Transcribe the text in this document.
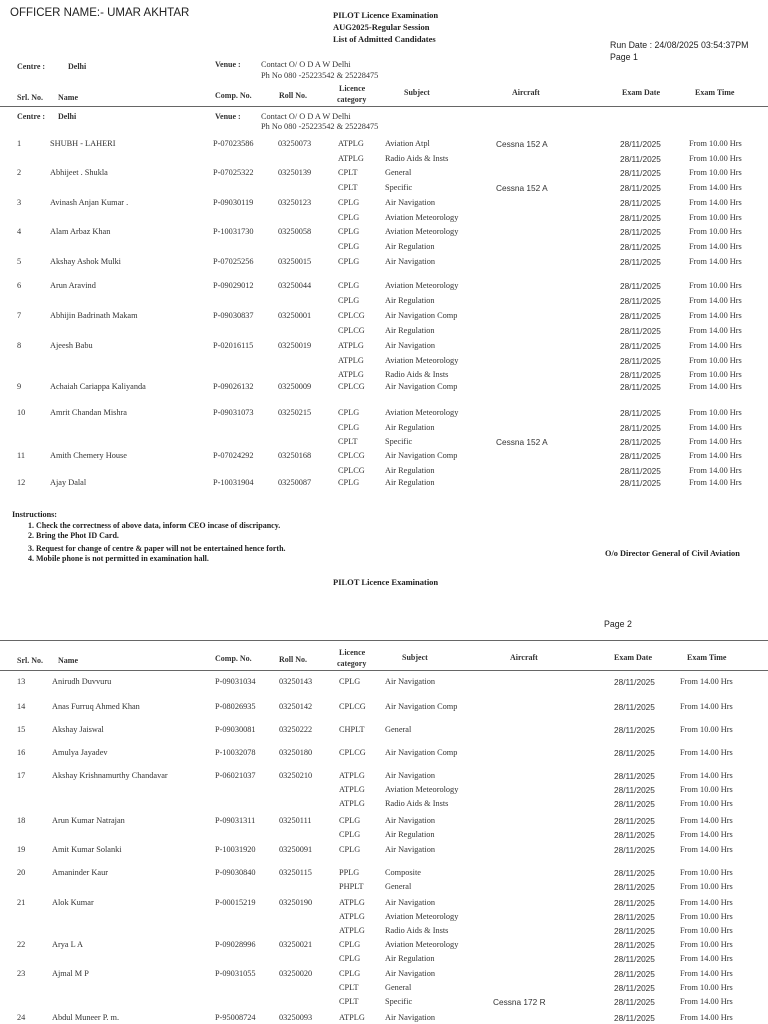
OFFICER NAME:- UMAR AKHTAR	PILOT Licence Examination
AUG2025-Regular Session
List of Admitted Candidates
Run Date : 24/08/2025 03:54:37PM
Page 1
Centre :	Delhi	Venue : Contact O/ O D A W Delhi
Ph No 080 -25223542 & 25228475
Srl. No. Name	Comp. No.	Roll No.
Licence
category
Subject	Aircraft	Exam Date	Exam Time
Centre : Delhi	Venue : Contact O/ O D A W Delhi
Ph No 080 -25223542 & 25228475
1	SHUBH - LAHERI	P-07023586	03250073	ATPLG	Aviation Atpl	Cessna 152 A	28/11/2025	From 10.00 Hrs
ATPLG	Radio Aids & Insts	28/11/2025	From 10.00 Hrs
2	Abhijeet . Shukla	P-07025322	03250139	CPLT	General	28/11/2025	From 10.00 Hrs
CPLT	Specific	Cessna 152 A	28/11/2025	From 14.00 Hrs
3	Avinash Anjan Kumar .	P-09030119	03250123	CPLG	Air Navigation	28/11/2025	From 14.00 Hrs
CPLG	Aviation Meteorology	28/11/2025	From 10.00 Hrs
4	Alam Arbaz Khan	P-10031730	03250058	CPLG	Aviation Meteorology	28/11/2025	From 10.00 Hrs
CPLG	Air Regulation	28/11/2025	From 14.00 Hrs
5	Akshay Ashok Mulki	P-07025256	03250015	CPLG	Air Navigation	28/11/2025	From 14.00 Hrs
6	Arun Aravind	P-09029012	03250044	CPLG	Aviation Meteorology	28/11/2025	From 10.00 Hrs
CPLG	Air Regulation	28/11/2025	From 14.00 Hrs
7	Abhijin Badrinath Makam	P-09030837	03250001	CPLCG Air Navigation Comp	28/11/2025	From 14.00 Hrs
CPLCG Air Regulation	28/11/2025	From 14.00 Hrs
8	Ajeesh Babu	P-02016115	03250019	ATPLG	Air Navigation	28/11/2025	From 14.00 Hrs
ATPLG	Aviation Meteorology	28/11/2025	From 10.00 Hrs
ATPLG	Radio Aids & Insts	28/11/2025	From 10.00 Hrs
9	Achaiah Cariappa Kaliyanda	P-09026132	03250009	CPLCG Air Navigation Comp	28/11/2025	From 14.00 Hrs
10	Amrit Chandan Mishra	P-09031073	03250215	CPLG	Aviation Meteorology	28/11/2025	From 10.00 Hrs
CPLG	Air Regulation	28/11/2025	From 14.00 Hrs
CPLT	Specific	Cessna 152 A	28/11/2025	From 14.00 Hrs
11	Amith Chemery House	P-07024292	03250168	CPLCG Air Navigation Comp	28/11/2025	From 14.00 Hrs
CPLCG Air Regulation	28/11/2025	From 14.00 Hrs
12	Ajay Dalal	P-10031904	03250087	CPLG	Air Regulation	28/11/2025	From 14.00 Hrs
Instructions:
1. Check the correctness of above data, inform CEO incase of discripancy.
2. Bring the Phot ID Card.
3. Request for change of centre & paper will not be entertained hence forth.
4. Mobile phone is not permitted in examination hall.
O/o Director General of Civil Aviation
PILOT Licence Examination
Page 2
Srl. No. Name	Comp. No.	Roll No.
Licence
category
Subject	Aircraft	Exam Date	Exam Time
13	Anirudh Duvvuru	P-09031034	03250143	CPLG	Air Navigation	28/11/2025	From 14.00 Hrs
14	Anas Furruq Ahmed Khan	P-08026935	03250142	CPLCG Air Navigation Comp	28/11/2025	From 14.00 Hrs
15	Akshay Jaiswal	P-09030081	03250222	CHPLT General	28/11/2025	From 10.00 Hrs
16	Amulya Jayadev	P-10032078	03250180	CPLCG Air Navigation Comp	28/11/2025	From 14.00 Hrs
17	Akshay Krishnamurthy Chandavar	P-06021037	03250210	ATPLG Air Navigation	28/11/2025	From 14.00 Hrs
ATPLG Aviation Meteorology	28/11/2025	From 10.00 Hrs
ATPLG Radio Aids & Insts	28/11/2025	From 10.00 Hrs
18	Arun Kumar Natrajan	P-09031311	03250111	CPLG	Air Navigation	28/11/2025	From 14.00 Hrs
CPLG	Air Regulation	28/11/2025	From 14.00 Hrs
19	Amit Kumar Solanki	P-10031920	03250091	CPLG	Air Navigation	28/11/2025	From 14.00 Hrs
20	Amaninder Kaur	P-09030840	03250115	PPLG	Composite	28/11/2025	From 10.00 Hrs
PHPLT	General	28/11/2025	From 10.00 Hrs
21	Alok Kumar	P-00015219	03250190	ATPLG Air Navigation	28/11/2025	From 14.00 Hrs
ATPLG Aviation Meteorology	28/11/2025	From 10.00 Hrs
ATPLG Radio Aids & Insts	28/11/2025	From 10.00 Hrs
22	Arya L A	P-09028996	03250021	CPLG	Aviation Meteorology	28/11/2025	From 10.00 Hrs
CPLG	Air Regulation	28/11/2025	From 14.00 Hrs
23	Ajmal M P	P-09031055	03250020	CPLG	Air Navigation	28/11/2025	From 14.00 Hrs
CPLT	General	28/11/2025	From 10.00 Hrs
CPLT	Specific	Cessna 172 R	28/11/2025	From 14.00 Hrs
24	Abdul Muneer P. m.	P-95008724	03250093	ATPLG Air Navigation	28/11/2025	From 14.00 Hrs
